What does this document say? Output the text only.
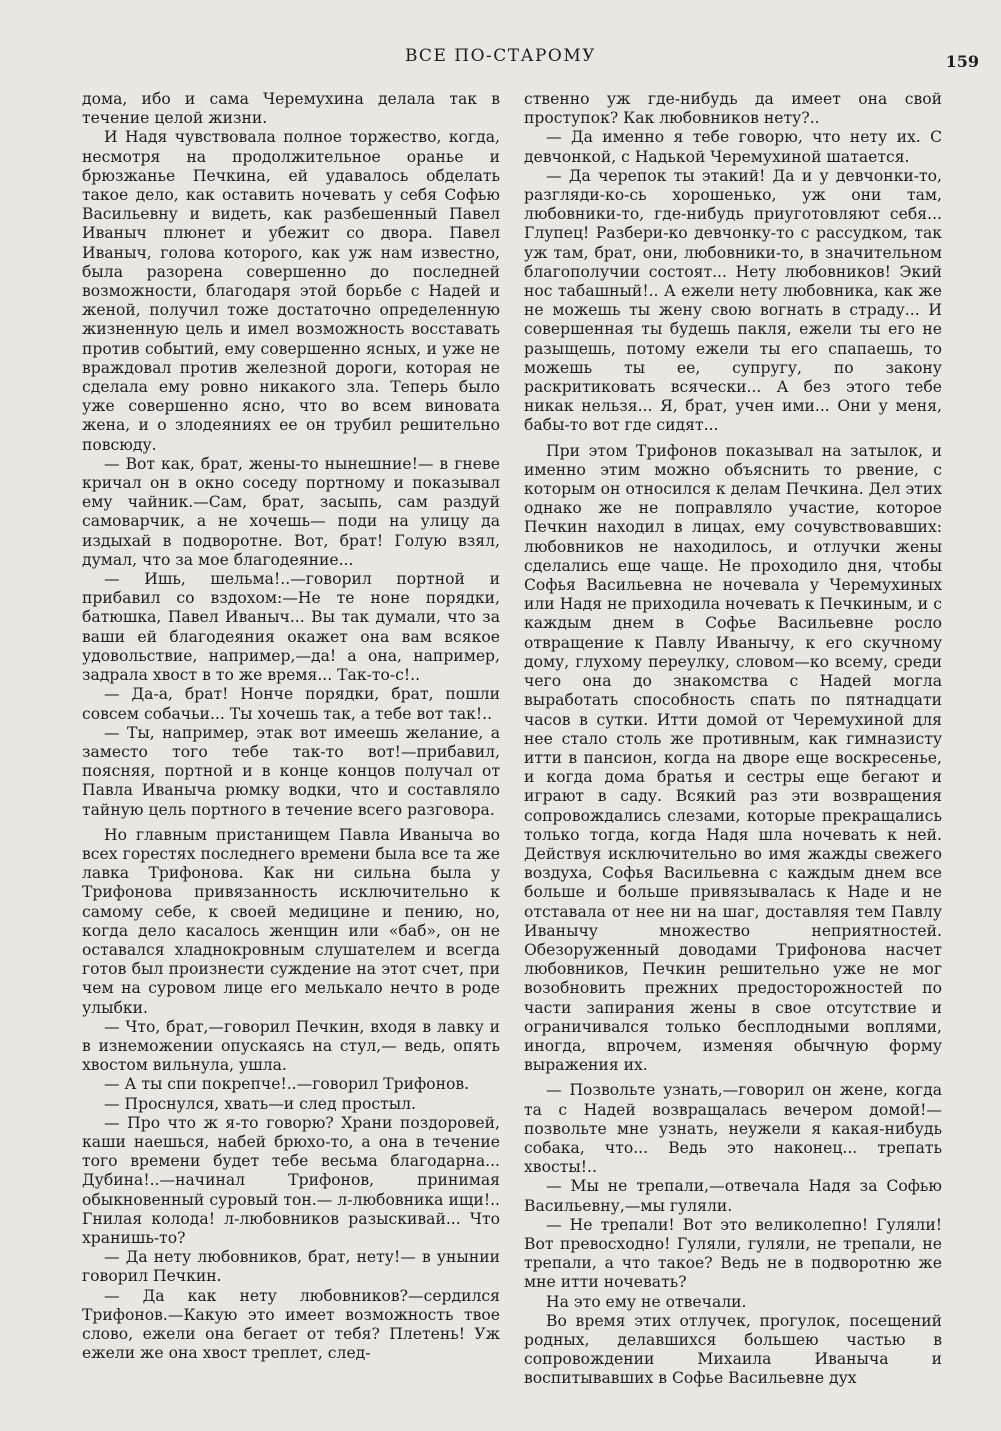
ВСЕ ПО-СТАРОМУ	159

дома, ибо и сама Черемухина делала так в течение целой жизни.

И Надя чувствовала полное торжество, когда, несмотря на продолжительное оранье и брюзжанье Печкина, ей удавалось обделать такое дело, как оставить ночевать у себя Софью Васильевну и видеть, как разбешенный Павел Иваныч плюнет и убежит со двора. Павел Иваныч, голова которого, как уж нам известно, была разорена совершенно до последней возможности, благодаря этой борьбе с Надей и женой, получил тоже достаточно определенную жизненную цель и имел возможность восставать против событий, ему совершенно ясных, и уже не враждовал против железной дороги, которая не сделала ему ровно никакого зла. Теперь было уже совершенно ясно, что во всем виновата жена, и о злодеяниях ее он трубил решительно повсюду.

— Вот как, брат, жены-то нынешние!— в гневе кричал он в окно соседу портному и показывал ему чайник.—Сам, брат, засыпь, сам раздуй самоварчик, а не хочешь— поди на улицу да издыхай в подворотне. Вот, брат! Голую взял, думал, что за мое благодеяние...

— Ишь, шельма!..—говорил портной и прибавил со вздохом:—Не те ноне порядки, батюшка, Павел Иваныч... Вы так думали, что за ваши ей благодеяния окажет она вам всякое удовольствие, например,—да! а она, например, задрала хвост в то же время... Так-то-с!..

— Да-а, брат! Нонче порядки, брат, пошли совсем собачьи... Ты хочешь так, а тебе вот так!..

— Ты, например, этак вот имеешь желание, а заместо того тебе так-то вот!—прибавил, поясняя, портной и в конце концов получал от Павла Иваныча рюмку водки, что и составляло тайную цель портного в течение всего разговора.

Но главным пристанищем Павла Иваныча во всех горестях последнего времени была все та же лавка Трифонова. Как ни сильна была у Трифонова привязанность исключительно к самому себе, к своей медицине и пению, но, когда дело касалось женщин или «баб», он не оставался хладнокровным слушателем и всегда готов был произнести суждение на этот счет, при чем на суровом лице его мелькало нечто в роде улыбки.

— Что, брат,—говорил Печкин, входя в лавку и в изнеможении опускаясь на стул,— ведь, опять хвостом вильнула, ушла.

— А ты спи покрепче!..—говорил Трифонов.

— Проснулся, хвать—и след простыл.

— Про что ж я-то говорю? Храни поздоровей, каши наешься, набей брюхо-то, а она в течение того времени будет тебе весьма благодарна... Дубина!..—начинал Трифонов, принимая обыкновенный суровый тон.— л-любовника ищи!.. Гнилая колода! л-любовников разыскивай... Что хранишь-то?

— Да нету любовников, брат, нету!— в унынии говорил Печкин.

— Да как нету любовников?—сердился Трифонов.—Какую это имеет возможность твое слово, ежели она бегает от тебя? Плетень! Уж ежели же она хвост треплет, след-

ственно уж где-нибудь да имеет она свой проступок? Как любовников нету?..

— Да именно я тебе говорю, что нету их. С девчонкой, с Надькой Черемухиной шатается.

— Да черепок ты этакий! Да и у девчонки-то, разгляди-ко-сь хорошенько, уж они там, любовники-то, где-нибудь приуготовляют себя... Глупец! Разбери-ко девчонку-то с рассудком, так уж там, брат, они, любовники-то, в значительном благополучии состоят... Нету любовников! Экий нос табашный!.. А ежели нету любовника, как же не можешь ты жену свою вогнать в страду... И совершенная ты будешь пакля, ежели ты его не разыщешь, потому ежели ты его спапаешь, то можешь ты ее, супругу, по закону раскритиковать всячески... А без этого тебе никак нельзя... Я, брат, учен ими... Они у меня, бабы-то вот где сидят...

При этом Трифонов показывал на затылок, и именно этим можно объяснить то рвение, с которым он относился к делам Печкина. Дел этих однако же не поправляло участие, которое Печкин находил в лицах, ему сочувствовавших: любовников не находилось, и отлучки жены сделались еще чаще. Не проходило дня, чтобы Софья Васильевна не ночевала у Черемухиных или Надя не приходила ночевать к Печкиным, и с каждым днем в Софье Васильевне росло отвращение к Павлу Иванычу, к его скучному дому, глухому переулку, словом—ко всему, среди чего она до знакомства с Надей могла выработать способность спать по пятнадцати часов в сутки. Итти домой от Черемухиной для нее стало столь же противным, как гимназисту итти в пансион, когда на дворе еще воскресенье, и когда дома братья и сестры еще бегают и играют в саду. Всякий раз эти возвращения сопровождались слезами, которые прекращались только тогда, когда Надя шла ночевать к ней. Действуя исключительно во имя жажды свежего воздуха, Софья Васильевна с каждым днем все больше и больше привязывалась к Наде и не отставала от нее ни на шаг, доставляя тем Павлу Иванычу множество неприятностей. Обезоруженный доводами Трифонова насчет любовников, Печкин решительно уже не мог возобновить прежних предосторожностей по части запирания жены в свое отсутствие и ограничивался только бесплодными воплями, иногда, впрочем, изменяя обычную форму выражения их.

— Позвольте узнать,—говорил он жене, когда та с Надей возвращалась вечером домой!—позвольте мне узнать, неужели я какая-нибудь собака, что... Ведь это наконец... трепать хвосты!..

— Мы не трепали,—отвечала Надя за Софью Васильевну,—мы гуляли.

— Не трепали! Вот это великолепно! Гуляли! Вот превосходно! Гуляли, гуляли, не трепали, не трепали, а что такое? Ведь не в подворотню же мне итти ночевать?

На это ему не отвечали.

Во время этих отлучек, прогулок, посещений родных, делавшихся большею частью в сопровождении Михаила Иваныча и воспитывавших в Софье Васильевне дух
